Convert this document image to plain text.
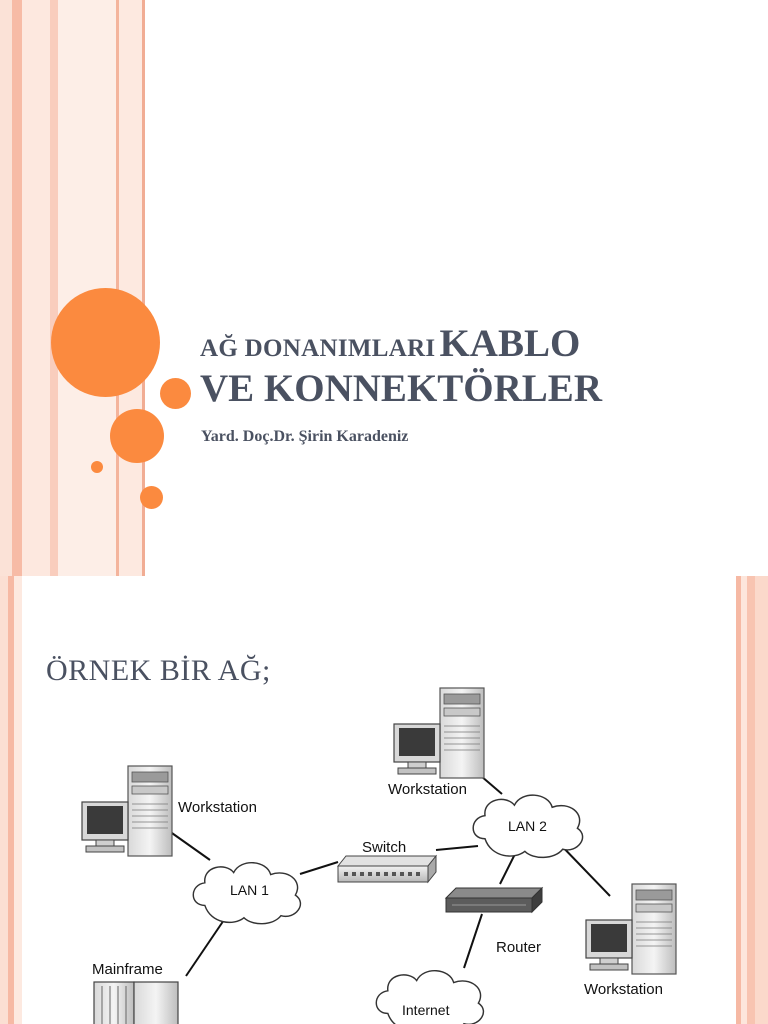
AĞ DONANIMLARI KABLO
VE KONNEKTÖRLER
Yard. Doç.Dr. Şirin Karadeniz
ÖRNEK BİR AĞ;
Workstation
Workstation
Workstation
Switch
LAN 1
LAN 2
Router
Internet
Mainframe
